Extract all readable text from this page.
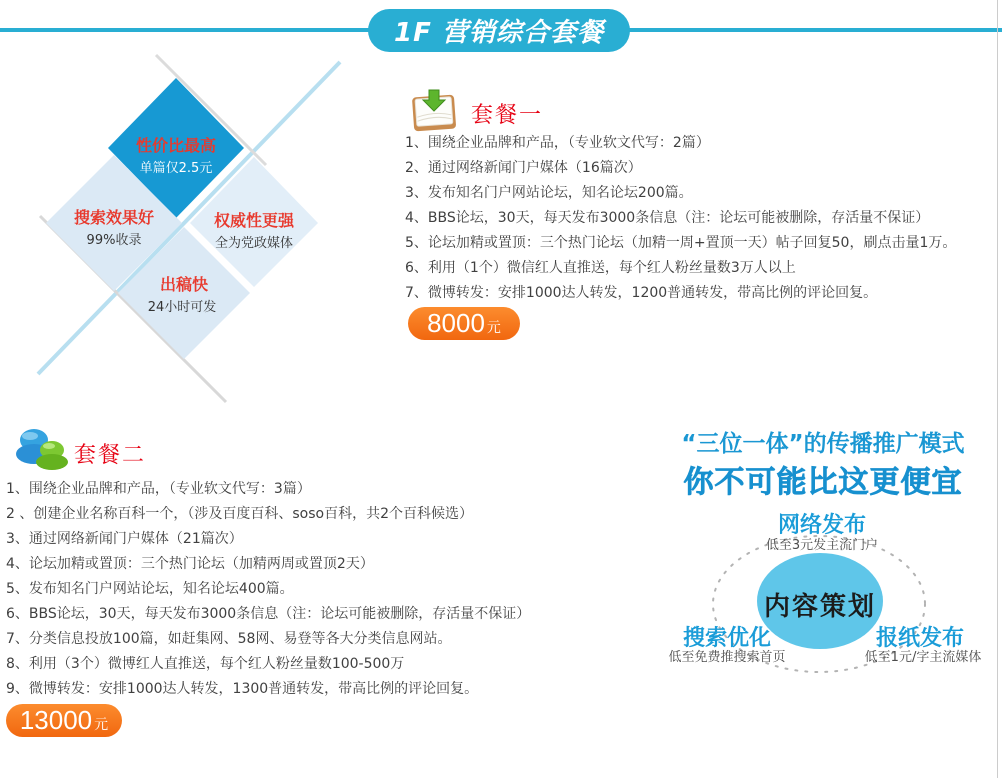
1F 营销综合套餐
性价比最高
单篇仅2.5元
搜索效果好
99%收录
权威性更强
全为党政媒体
出稿快
24小时可发
套餐一
1、围绕企业品牌和产品，（专业软文代写：2篇）
2、通过网络新闻门户媒体（16篇次）
3、发布知名门户网站论坛，知名论坛200篇。
4、BBS论坛，30天，每天发布3000条信息（注：论坛可能被删除，存活量不保证）
5、论坛加精或置顶：三个热门论坛（加精一周+置顶一天）帖子回复50，刷点击量1万。
6、利用（1个）微信红人直推送，每个红人粉丝量数3万人以上
7、微博转发：安排1000达人转发，1200普通转发，带高比例的评论回复。
8000 元
套餐二
1、围绕企业品牌和产品，（专业软文代写：3篇）
2 、创建企业名称百科一个，（涉及百度百科、soso百科，共2个百科候选）
3、通过网络新闻门户媒体（21篇次）
4、论坛加精或置顶：三个热门论坛（加精两周或置顶2天）
5、发布知名门户网站论坛，知名论坛400篇。
6、BBS论坛，30天，每天发布3000条信息（注：论坛可能被删除，存活量不保证）
7、分类信息投放100篇，如赶集网、58网、易登等各大分类信息网站。
8、利用（3个）微博红人直推送，每个红人粉丝量数100-500万
9、微博转发：安排1000达人转发，1300普通转发，带高比例的评论回复。
13000 元
“三位一体”的传播推广模式
你不可能比这更便宜
内容策划
网络发布
低至3元发主流门户
搜索优化
低至免费推搜索首页
报纸发布
低至1元/字主流媒体
